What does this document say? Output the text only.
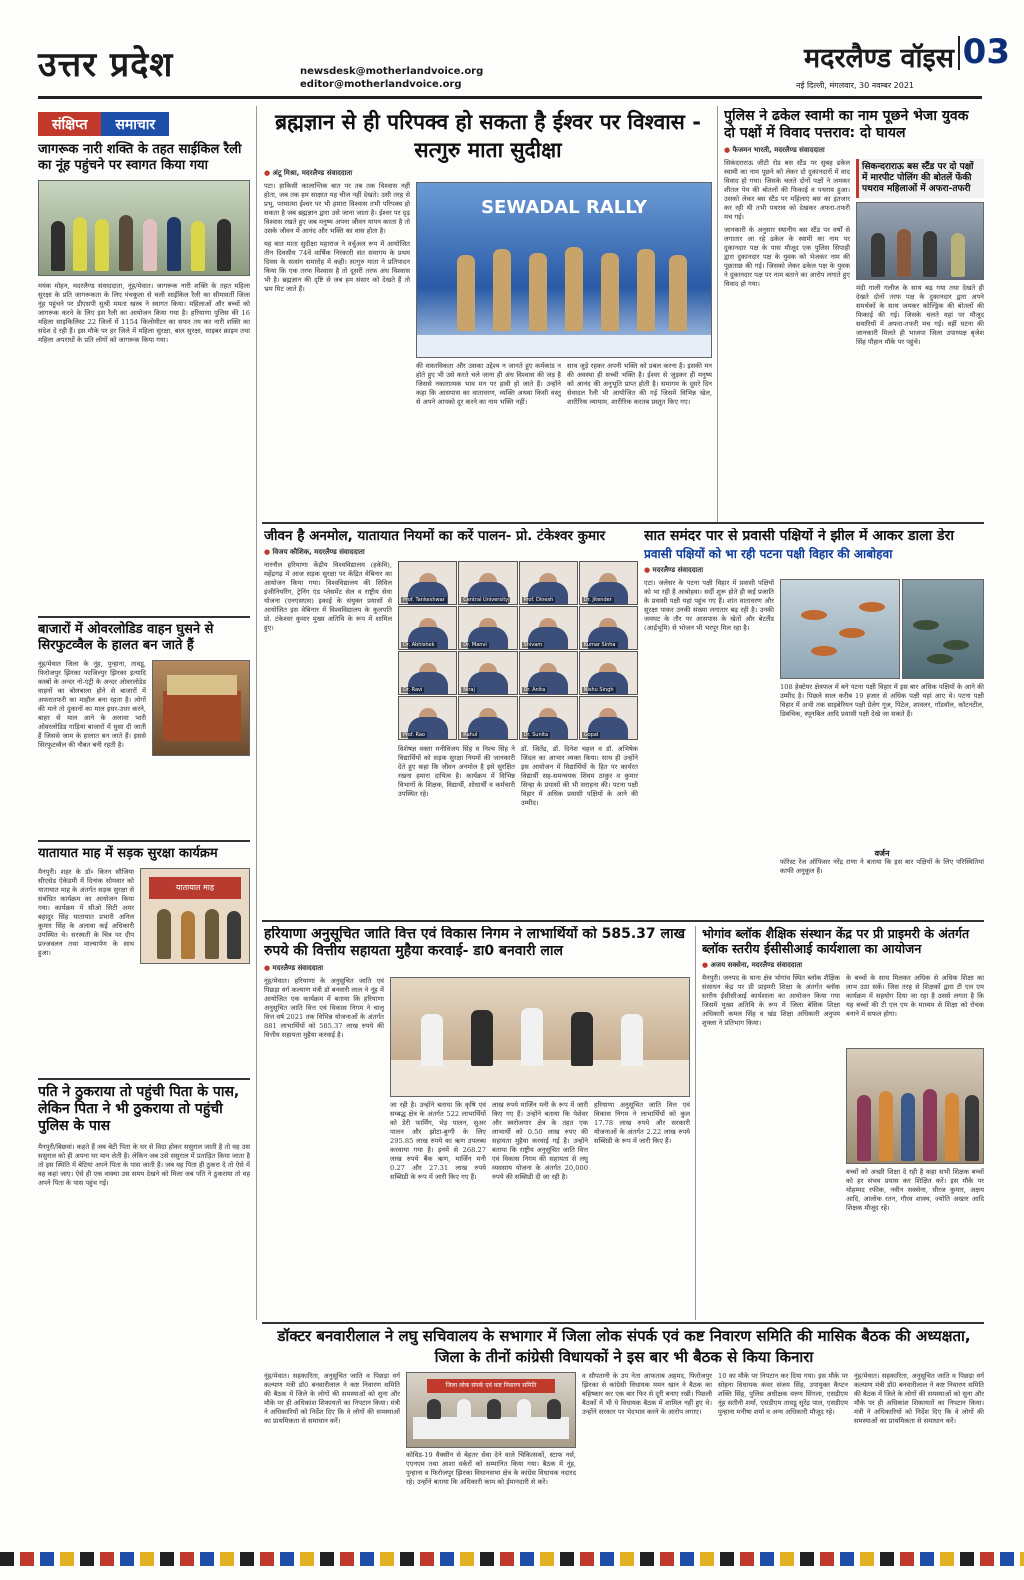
उत्तर प्रदेश	newsdesk@motherlandvoice.org
editor@motherlandvoice.org
मदरलैण्ड वॉइस 03
नई दिल्ली, मंगलवार, 30 नवम्बर 2021
संक्षिप्त	समाचार
जागरूक नारी शक्ति के तहत साईकिल रैली का नूंह पहुंचने पर स्वागत किया गया
मयंक मोहन, मदरलैण्ड संवाददाता, नूंह/मेवात। जागरूक नारी शक्ति के तहत महिला सुरक्षा के प्रति जागरूकता के लिए पंचकूला से चली साईकिल रैली का सीमावर्ती जिला नूंह पहुंचने पर डीएसपी सुश्री ममता खरब ने स्वागत किया। महिलाओं और बच्चों को जागरूक करने के लिए इस रैली का आयोजन किया गया है। हरियाणा पुलिस की 16 महिला साइकिलिस्ट 22 जिलों में 1154 किलोमीटर का सफर तय कर नारी शक्ति का संदेश दे रही हैं। इस मौके पर हर जिले में महिला सुरक्षा, बाल सुरक्षा, साइबर क्राइम तथा महिला अपराधों के प्रति लोगों को जागरूक किया गया।
बाजारों में ओवरलोडिड वाहन घुसने से सिरफुटव्वैल के हालत बन जाते हैं
नूंह/मेवात जिला के नूंह, पुन्हाना, तावडू, फिरोजपुर झिरका फाजिल्पुर झिरका इत्यादि कस्बों के अन्दर नो-एंट्री के अन्दर ओवरलोडेड वाहनों का बोलबाला होने से बाजारों में अफरातफरी का माहौल बना रहता है। लोगों की माने तो दुकानों का माल इधर-उधर करने, बाहर से माल आने के अलावा भारी ओवरलोडिड गाड़ियां बाजारों में घुसा दी जाती हैं जिससे जाम के हालात बन जाते हैं। इससे सिरफुटव्वैल की नौबत बनी रहती है।
यातायात माह में सड़क सुरक्षा कार्यक्रम
यातायात माह
मैनपुरी। शहर के डॉ० किरन सौजिया सीएसेड ऐकेडमी में दिनांक सोमवार को यातायात माह के अंतर्गत सड़क सुरक्षा से संबंधित कार्यक्रम का आयोजन किया गया। कार्यक्रम में सीओ सिटी अमर बहादुर सिंह यातायात प्रभारी अनिल कुमार सिंह के अलावा कई अधिकारी उपस्थित थे। सरस्वती के चित्र पर दीप प्रज्जवलन तथा माल्यार्पण के साथ हुआ।
पति ने ठुकराया तो पहुंची पिता के पास, लेकिन पिता ने भी ठुकराया तो पहुंची पुलिस के पास
मैनपुरी/बिछवां। कहते हैं जब बेटी पिता के घर से विदा होकर ससुराल जाती है तो वह उस ससुराल को ही अपना घर मान लेती है। लेकिन जब उसे ससुराल में प्रताड़ित किया जाता है तो इस स्थिति में बेटियां अपने पिता के पास जाती हैं। जब वह पिता ही ठुकरा दे तो ऐसे में वह कहां जाए। ऐसे ही एक वाक्या उस समय देखने को मिला जब पति ने ठुकराया तो वह अपने पिता के पास पहुंच गई।
ब्रह्मज्ञान से ही परिपक्व हो सकता है ईश्वर पर विश्वास - सत्गुरु माता सुदीक्षा
● अंटू मिश्रा, मदरलैण्ड संवाददाता
पटा। हाकिसी कालान्तिक बात पर तब तक विश्वास नहीं होता, जब तक हम साक्षात यह चीज नहीं देखते। उसी तरह से प्रभु, परमात्मा ईश्वर पर भी हमारा विश्वास तभी परिपक्व हो सकता है जब ब्रह्मज्ञान द्वारा उसे जाना जाता है। ईश्वर पर दृढ़ विश्वास रखते हुए जब मनुष्य अपना जीवन यापन करता है तो उसके जीवन में आनंद और भक्ति का वास होता है।
यह बात माता सुदीक्षा महाराज ने वर्चुअल रूप में आयोजित तीन दिवसीय 74वें वार्षिक निरंकारी संत समागम के प्रथम दिवस के सत्संग समारोह में कही। सत्गुरु माता ने प्रतिपादन किया कि एक तरफ विश्वास है तो दूसरी तरफ अंध विश्वास भी है। ब्रह्मज्ञान की दृष्टि से जब हम संसार को देखते हैं तो भ्रम मिट जाते हैं।
SEWADAL RALLY
की वास्तविकता और उसका उद्देश्य न जानते हुए कर्मकांड न होते हुए भी उसे करते चले जाना ही अंध विश्वास की जड़ है जिससे नकारात्मक भाव मन पर हावी हो जाते हैं। उन्होंने कहा कि आसपास का वातावरण, व्यक्ति अथवा किसी वस्तु से अपने आपको दूर करने का नाम भक्ति नहीं।
साथ जुड़े रहकर अपनी भक्ति को प्रबल करना है। इसकी मन की अवस्था ही सच्ची भक्ति है। ईश्वर से जुड़कर ही मनुष्य को आनंद की अनुभूति प्राप्त होती है। समागम के दूसरे दिन सेवादल रैली भी आयोजित की गई जिसमें विभिन्न खेल, शारीरिक व्यायाम, शारीरिक करतब प्रस्तुत किए गए।
पुलिस ने ढकेल स्वामी का नाम पूछने भेजा युवक दो पक्षों में विवाद पत्तराव: दो घायल
● फैजमन भारती, मदरलैण्ड संवाददाता
सिकंदराराऊ जीटी रोड बस स्टैंड पर सुबह ढकेल स्वामी का नाम पूछने को लेकर दो दुकानदारों में वाद विवाद हो गया। जिसके चलते दोनों पक्षों ने जमकर शीतल पेय की बोतलों की फिकाई व पथराव हुआ। उसको लेकर बस स्टैंड पर महिलाएं बस का इंतजार कर रही थी तभी पथराव को देखकर अफरा-तफरी मच गई।
जानकारी के अनुसार स्थानीय बस स्टैंड पर वर्षों से लगातार आ रहे ढकेल के स्वामी का नाम पर दुकानदार पक्ष के पास मौजूद एक पुलिस सिपाही द्वारा दुकानदार पक्ष के युवक को भेजकर नाम की पूछताछ की गई। जिसको लेकर ढकेल पक्ष के युवक ने दुकानदार पक्ष पर नाम बताने का आरोप लगाते हुए विवाद हो गया।
सिकन्दराराऊ बस स्टैंड पर दो पक्षों में मारपीट पोलिंग की बोतलें फेंकी पथराव महिलाओं में अफरा-तफरी
मंदी गाली गलौज के साथ बढ़ गया तथा देखते ही देखते दोनों तरफ पक्ष के दुकानदार द्वारा अपने समर्थकों के साथ जमकर कोल्ड्रिंक की बोतलों की फिकाई की गई। जिसके चलते वहां पर मौजूद सवारियों में अफरा-तफरी मच गई। वहीं घटना की जानकारी मिलते ही भाजपा जिला उपाध्यक्ष बृजेश सिंह पौहान मौके पर पहुंचे।
जीवन है अनमोल, यातायात नियमों का करें पालन- प्रो. टंकेश्वर कुमार
● विजय कौशिक, मदरलैण्ड संवाददाता
नारनौल हरियाणा केंद्रीय विश्वविद्यालय (हकेवि), महेंद्रगढ़ में आज सड़क सुरक्षा पर केंद्रित वेबिनार का आयोजन किया गया। विश्वविद्यालय की सिविल इंजीनियरिंग, ट्रेनिंग एंड प्लेसमेंट सेल व राष्ट्रीय सेवा योजना (एनएसएस) इकाई के संयुक्त प्रयासों से आयोजित इस वेबिनार में विश्वविद्यालय के कुलपति प्रो. टंकेश्वर कुमार मुख्य अतिथि के रूप में शामिल हुए।
Prof. Tankeshwar	Central University	Prof. Dinesh	Dr. Jitender
Dr. Abhishek	Dr. Manvi	Shivam	Kumar Sinha
Dr. Ravi	Niraj	Dr. Anita	Nishu Singh
Prof. Rao	Rahul	Dr. Sunita	Gopal
विशेषज्ञ वक्ता मनीविजय सिंह व निश्च सिंह ने विद्यार्थियों को सड़क सुरक्षा नियमों की जानकारी देते हुए कहा कि जीवन अनमोल है इसे सुरक्षित रखना हमारा दायित्व है। कार्यक्रम में विभिन्न विभागों के शिक्षक, विद्यार्थी, शोधार्थी व कर्मचारी उपस्थित रहे।
डॉ. जितेंद्र, डॉ. दिनेश चहल व डॉ. अभिषेक जिंदल का आभार व्यक्त किया। साथ ही उन्होंने इस आयोजन में विद्यार्थियों के हित पर कार्यरत विद्यार्थी सह-समन्वयक शिवम ठाकुर व कुमार सिन्हा के प्रयासों की भी सराहना की। पटना पक्षी विहार में अधिक प्रवासी पक्षियों के आने की उम्मीद।
सात समंदर पार से प्रवासी पक्षियों ने झील में आकर डाला डेरा
प्रवासी पक्षियों को भा रही पटना पक्षी विहार की आबोहवा
● मदरलैण्ड संवाददाता
एटा। जलेसर के पटना पक्षी विहार में प्रवासी पक्षियों को भा रही है आबोहवा। सर्दी शुरू होते ही कई प्रजाति के प्रवासी पक्षी यहां पहुंच गए हैं। शांत वातावरण और सुरक्षा पाकर उनकी संख्या लगातार बढ़ रही है। उनकी जमघट के तौर पर आसपास के खेतों और बेटलैंड (आर्द्रभूमि) से भोजन भी भरपूर मिल रहा है।
108 हेक्टेयर क्षेत्रफल में बने पटना पक्षी विहार में इस बार अधिक पक्षियों के आने की उम्मीद है। पिछले साल करीब 19 हजार से अधिक पक्षी यहां आए थे। पटना पक्षी विहार में अभी तक साइबेरियन पक्षी ग्रेलेग गूज, पिंटेल, शावलर, गॉडवॉल, कॉटनटील, डिबचिक, स्पूनबिल आदि प्रवासी पक्षी देखे जा सकते हैं।
वर्जन
फॉरेस्ट रेंज ऑफिसर नरेंद्र राणा ने बताया कि इस बार पक्षियों के लिए परिस्थितियां काफी अनुकूल हैं।
हरियाणा अनुसूचित जाति वित्त एवं विकास निगम ने लाभार्थियों को 585.37 लाख रुपये की वित्तीय सहायता मुहैया करवाई- डा0 बनवारी लाल
● मदरलैण्ड संवाददाता
नूंह/मेवात। हरियाणा के अनुसूचित जाति एवं पिछड़ा वर्ग कल्याण मंत्री डॉ बनवारी लाल ने नूंह में आयोजित एक कार्यक्रम में बताया कि हरियाणा अनुसूचित जाति वित्त एवं विकास निगम ने चालू वित्त वर्ष 2021 तक विभिन्न योजनाओं के अंतर्गत 881 लाभार्थियों को 585.37 लाख रुपये की वित्तीय सहायता मुहैया करवाई है।
जा रही है। उन्होंने बताया कि कृषि एवं सम्बद्ध क्षेत्र के अंतर्गत 522 लाभार्थियों को डेरी फार्मिंग, भेड़ पालन, सुअर पालन और झोटा-बुग्गी के लिए 295.85 लाख रुपये का ऋण उपलब्ध करवाया गया है। इनमें से 268.27 लाख रुपये बैंक ऋण, मार्जिन मनी 0.27 और 27.31 लाख रुपये सब्सिडी के रूप में जारी किए गए हैं।
लाख रुपये मार्जिन मनी के रूप में जारी किए गए हैं। उन्होंने बताया कि पेशेवर और स्वरोजगार क्षेत्र के तहत एक लाभार्थी को 0.50 लाख रुपए की सहायता मुहैया करवाई गई है। उन्होंने बताया कि राष्ट्रीय अनुसूचित जाति वित्त एवं विकास निगम की सहायता से लघु व्यवसाय योजना के अंतर्गत 20,000 रुपये की सब्सिडी दी जा रही है।
हरियाणा अनुसूचित जाति वित्त एवं विकास निगम ने लाभार्थियों को कुल 17.78 लाख रुपये और सरकारी योजनाओं के अंतर्गत 2.22 लाख रुपये सब्सिडी के रूप में जारी किए हैं।
भोगांव ब्लॉक शैक्षिक संस्थान केंद्र पर प्री प्राइमरी के अंतर्गत ब्लॉक स्तरीय ईसीसीआई कार्यशाला का आयोजन
● अजय सक्सेना, मदरलैण्ड संवाददाता
मैनपुरी। जनपद के थाना क्षेत्र भोगांव स्थित ब्लॉक शैक्षिक संसाधन केंद्र पर प्री प्राइमरी शिक्षा के अंतर्गत ब्लॉक स्तरीय ईसीसीआई कार्यशाला का आयोजन किया गया जिसमें मुख्य अतिथि के रूप में जिला बेसिक शिक्षा अधिकारी कमल सिंह व खंड शिक्षा अधिकारी अनुपम शुक्ला ने प्रतिभाग किया।
के बच्चों के साथ मिलकर अधिक से अधिक शिक्षा का लाभ उठा सकें। जिस तरह से शिक्षकों द्वारा टी एल एम कार्यक्रम में सहयोग दिया जा रहा है उससे लगता है कि यह बच्चों की टी एल एम के माध्यम से शिक्षा को रोचक बनाने में सफल होगा।
बच्चों को अच्छी शिक्षा दे रही है कहा सभी शिक्षक बच्चों को हर संभव प्रयास कर शिक्षित करें। इस मौके पर मोहम्मद रफीक, नवीन सक्सेना, धीरज कुमार, अक्षय आदि, आलोक रतन, गौरव शाक्य, ज्योति अख्तर आदि शिक्षक मौजूद रहे।
डॉक्टर बनवारीलाल ने लघु सचिवालय के सभागार में जिला लोक संपर्क एवं कष्ट निवारण समिति की मासिक बैठक की अध्यक्षता, जिला के तीनों कांग्रेसी विधायकों ने इस बार भी बैठक से किया किनारा
नूंह/मेवात। सहकारिता, अनुसूचित जाति व पिछड़ा वर्ग कल्याण मंत्री डॉ0 बनवारीलाल ने कष्ट निवारण समिति की बैठक में जिले के लोगों की समस्याओं को सुना और मौके पर ही अधिकांश शिकायतों का निपटान किया। मंत्री ने अधिकारियों को निर्देश दिए कि वे लोगों की समस्याओं का प्राथमिकता से समाधान करें।
जिला लोक संपर्क एवं कष्ट निवारण समिति
कोविड-19 वैक्सीन से बेहतर सेवा देने वाले चिकित्सकों, स्टाफ नर्स, एएनएम तथा आशा वर्करों को सम्मानित किया गया। बैठक में नूंह, पुन्हाना व फिरोजपुर झिरका विधानसभा क्षेत्र के कांग्रेस विधायक नदारद रहे। उन्होंने बताया कि अधिकारी काम को ईमानदारी से करें।
व सौपतानी के उप नेता आफताब अहमद, फिरोजपुर झिरका से कांग्रेसी विधायक ममन खान ने बैठक का बहिष्कार कर एक बार फिर से दूरी बनाए रखी। पिछली बैठकों में भी ये विधायक बैठक में शामिल नहीं हुए थे। उन्होंने सरकार पर भेदभाव करने के आरोप लगाए।
10 का मौके पर निपटान कर दिया गया। इस मौके पर सोहना विधायक कंवर संजय सिंह, उपायुक्त कैप्टन शक्ति सिंह, पुलिस अधीक्षक वरुण सिंगला, एसडीएम नूंह सतीनी शर्मा, एसडीएम तावडू सुरेंद्र पाल, एसडीएम पुन्हाना मनीषा शर्मा व अन्य अधिकारी मौजूद रहे।
नूंह/मेवात। सहकारिता, अनुसूचित जाति व पिछड़ा वर्ग कल्याण मंत्री डॉ0 बनवारीलाल ने कष्ट निवारण समिति की बैठक में जिले के लोगों की समस्याओं को सुना और मौके पर ही अधिकांश शिकायतों का निपटान किया। मंत्री ने अधिकारियों को निर्देश दिए कि वे लोगों की समस्याओं का प्राथमिकता से समाधान करें।
